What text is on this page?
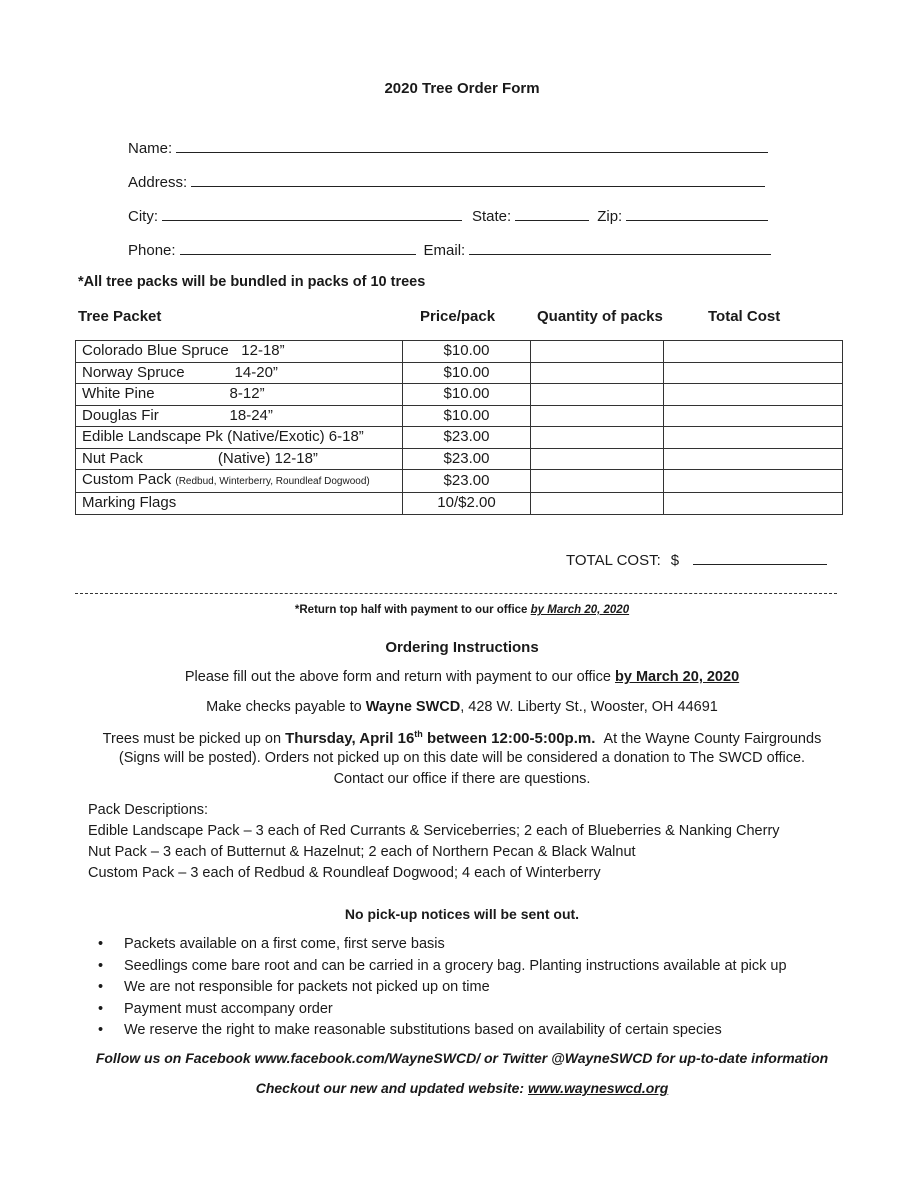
2020 Tree Order Form
Name:
Address:
City:	State:	Zip:
Phone:	Email:
*All tree packs will be bundled in packs of 10 trees
Tree Packet	Price/pack	Quantity of packs	Total Cost
Colorado Blue Spruce   12-18”	$10.00		
Norway Spruce            14-20”	$10.00		
White Pine                  8-12”	$10.00		
Douglas Fir                 18-24”	$10.00		
Edible Landscape Pk (Native/Exotic) 6-18”	$23.00		
Nut Pack                  (Native) 12-18”	$23.00		
Custom Pack (Redbud, Winterberry, Roundleaf Dogwood)	$23.00		
Marking Flags	10/$2.00		
TOTAL COST: $
*Return top half with payment to our office by March 20, 2020
Ordering Instructions
Please fill out the above form and return with payment to our office by March 20, 2020
Make checks payable to Wayne SWCD, 428 W. Liberty St., Wooster, OH 44691
Trees must be picked up on Thursday, April 16th between 12:00-5:00p.m. At the Wayne County Fairgrounds
(Signs will be posted). Orders not picked up on this date will be considered a donation to The SWCD office.
Contact our office if there are questions.
Pack Descriptions:
Edible Landscape Pack – 3 each of Red Currants & Serviceberries; 2 each of Blueberries & Nanking Cherry
Nut Pack – 3 each of Butternut & Hazelnut; 2 each of Northern Pecan & Black Walnut
Custom Pack – 3 each of Redbud & Roundleaf Dogwood; 4 each of Winterberry
No pick-up notices will be sent out.
•	Packets available on a first come, first serve basis
•	Seedlings come bare root and can be carried in a grocery bag. Planting instructions available at pick up
•	We are not responsible for packets not picked up on time
•	Payment must accompany order
•	We reserve the right to make reasonable substitutions based on availability of certain species
Follow us on Facebook www.facebook.com/WayneSWCD/ or Twitter @WayneSWCD for up-to-date information
Checkout our new and updated website: www.wayneswcd.org
